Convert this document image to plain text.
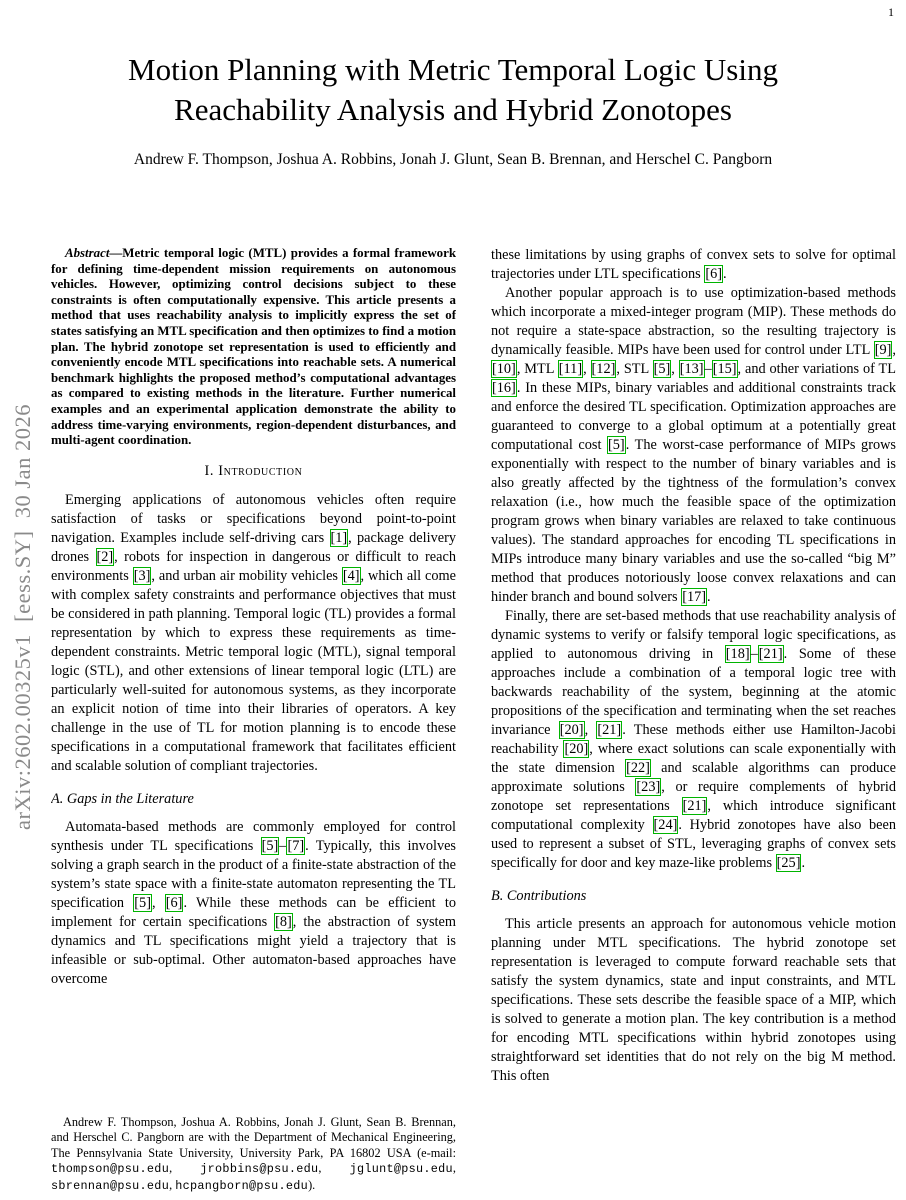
1
arXiv:2602.00325v1  [eess.SY]  30 Jan 2026
Motion Planning with Metric Temporal Logic Using Reachability Analysis and Hybrid Zonotopes
Andrew F. Thompson, Joshua A. Robbins, Jonah J. Glunt, Sean B. Brennan, and Herschel C. Pangborn

Abstract—Metric temporal logic (MTL) provides a formal framework for defining time-dependent mission requirements on autonomous vehicles. However, optimizing control decisions subject to these constraints is often computationally expensive. This article presents a method that uses reachability analysis to implicitly express the set of states satisfying an MTL specification and then optimizes to find a motion plan. The hybrid zonotope set representation is used to efficiently and conveniently encode MTL specifications into reachable sets. A numerical benchmark highlights the proposed method’s computational advantages as compared to existing methods in the literature. Further numerical examples and an experimental application demonstrate the ability to address time-varying environments, region-dependent disturbances, and multi-agent coordination.

I. Introduction

Emerging applications of autonomous vehicles often require satisfaction of tasks or specifications beyond point-to-point navigation. Examples include self-driving cars [1], package delivery drones [2], robots for inspection in dangerous or difficult to reach environments [3], and urban air mobility vehicles [4], which all come with complex safety constraints and performance objectives that must be considered in path planning. Temporal logic (TL) provides a formal representation by which to express these requirements as time-dependent constraints. Metric temporal logic (MTL), signal temporal logic (STL), and other extensions of linear temporal logic (LTL) are particularly well-suited for autonomous systems, as they incorporate an explicit notion of time into their libraries of operators. A key challenge in the use of TL for motion planning is to encode these specifications in a computational framework that facilitates efficient and scalable solution of compliant trajectories.

A. Gaps in the Literature

Automata-based methods are commonly employed for control synthesis under TL specifications [5]–[7]. Typically, this involves solving a graph search in the product of a finite-state abstraction of the system’s state space with a finite-state automaton representing the TL specification [5], [6]. While these methods can be efficient to implement for certain specifications [8], the abstraction of system dynamics and TL specifications might yield a trajectory that is infeasible or sub-optimal. Other automaton-based approaches have overcome

these limitations by using graphs of convex sets to solve for optimal trajectories under LTL specifications [6].

Another popular approach is to use optimization-based methods which incorporate a mixed-integer program (MIP). These methods do not require a state-space abstraction, so the resulting trajectory is dynamically feasible. MIPs have been used for control under LTL [9], [10], MTL [11], [12], STL [5], [13]–[15], and other variations of TL [16]. In these MIPs, binary variables and additional constraints track and enforce the desired TL specification. Optimization approaches are guaranteed to converge to a global optimum at a potentially great computational cost [5]. The worst-case performance of MIPs grows exponentially with respect to the number of binary variables and is also greatly affected by the tightness of the formulation’s convex relaxation (i.e., how much the feasible space of the optimization program grows when binary variables are relaxed to take continuous values). The standard approaches for encoding TL specifications in MIPs introduce many binary variables and use the so-called “big M” method that produces notoriously loose convex relaxations and can hinder branch and bound solvers [17].

Finally, there are set-based methods that use reachability analysis of dynamic systems to verify or falsify temporal logic specifications, as applied to autonomous driving in [18]–[21]. Some of these approaches include a combination of a temporal logic tree with backwards reachability of the system, beginning at the atomic propositions of the specification and terminating when the set reaches invariance [20], [21]. These methods either use Hamilton-Jacobi reachability [20], where exact solutions can scale exponentially with the state dimension [22] and scalable algorithms can produce approximate solutions [23], or require complements of hybrid zonotope set representations [21], which introduce significant computational complexity [24]. Hybrid zonotopes have also been used to represent a subset of STL, leveraging graphs of convex sets specifically for door and key maze-like problems [25].

B. Contributions

This article presents an approach for autonomous vehicle motion planning under MTL specifications. The hybrid zonotope set representation is leveraged to compute forward reachable sets that satisfy the system dynamics, state and input constraints, and MTL specifications. These sets describe the feasible space of a MIP, which is solved to generate a motion plan. The key contribution is a method for encoding MTL specifications within hybrid zonotopes using straightforward set identities that do not rely on the big M method. This often

Andrew F. Thompson, Joshua A. Robbins, Jonah J. Glunt, Sean B. Brennan, and Herschel C. Pangborn are with the Department of Mechanical Engineering, The Pennsylvania State University, University Park, PA 16802 USA (e-mail: thompson@psu.edu, jrobbins@psu.edu, jglunt@psu.edu, sbrennan@psu.edu, hcpangborn@psu.edu).
